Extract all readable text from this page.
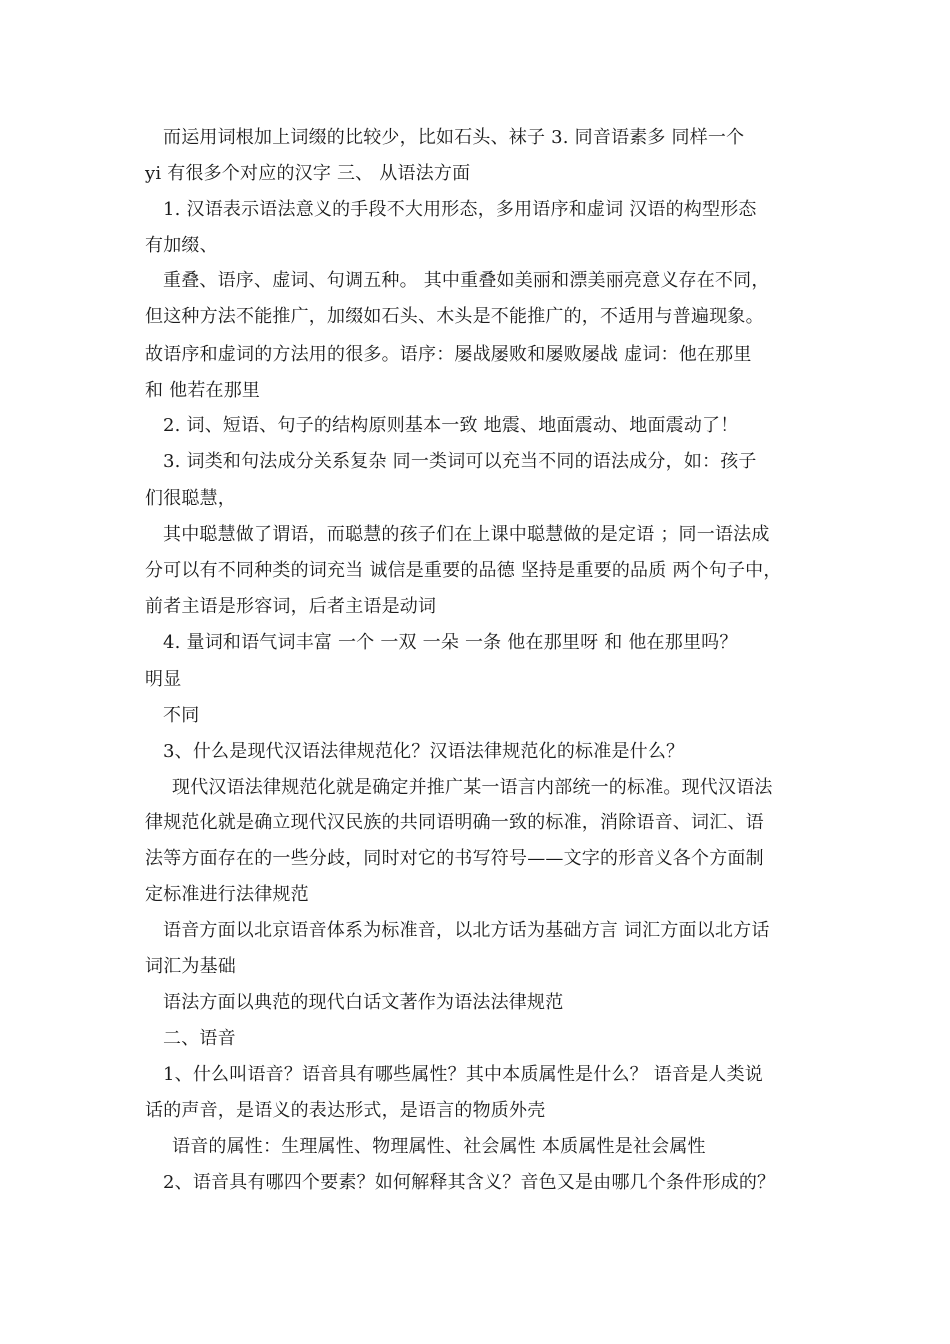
而运用词根加上词缀的比较少，比如石头、袜子 3. 同音语素多 同样一个
yi 有很多个对应的汉字 三、 从语法方面
1. 汉语表示语法意义的手段不大用形态，多用语序和虚词 汉语的构型形态
有加缀、
重叠、语序、虚词、句调五种。 其中重叠如美丽和漂美丽亮意义存在不同，
但这种方法不能推广，加缀如石头、木头是不能推广的，不适用与普遍现象。
故语序和虚词的方法用的很多。语序：屡战屡败和屡败屡战 虚词：他在那里
和 他若在那里
2. 词、短语、句子的结构原则基本一致 地震、地面震动、地面震动了！
3. 词类和句法成分关系复杂 同一类词可以充当不同的语法成分，如：孩子
们很聪慧，
其中聪慧做了谓语，而聪慧的孩子们在上课中聪慧做的是定语 ；同一语法成
分可以有不同种类的词充当 诚信是重要的品德 坚持是重要的品质 两个句子中，
前者主语是形容词，后者主语是动词
4. 量词和语气词丰富 一个 一双 一朵 一条 他在那里呀 和 他在那里吗？
明显
不同
3、什么是现代汉语法律规范化？汉语法律规范化的标准是什么？
现代汉语法律规范化就是确定并推广某一语言内部统一的标准。现代汉语法
律规范化就是确立现代汉民族的共同语明确一致的标准，消除语音、词汇、语
法等方面存在的一些分歧，同时对它的书写符号——文字的形音义各个方面制
定标准进行法律规范
语音方面以北京语音体系为标准音，以北方话为基础方言 词汇方面以北方话
词汇为基础
语法方面以典范的现代白话文著作为语法法律规范
二、语音
1、什么叫语音？语音具有哪些属性？其中本质属性是什么？ 语音是人类说
话的声音，是语义的表达形式，是语言的物质外壳
语音的属性：生理属性、物理属性、社会属性 本质属性是社会属性
2、语音具有哪四个要素？如何解释其含义？音色又是由哪几个条件形成的？
